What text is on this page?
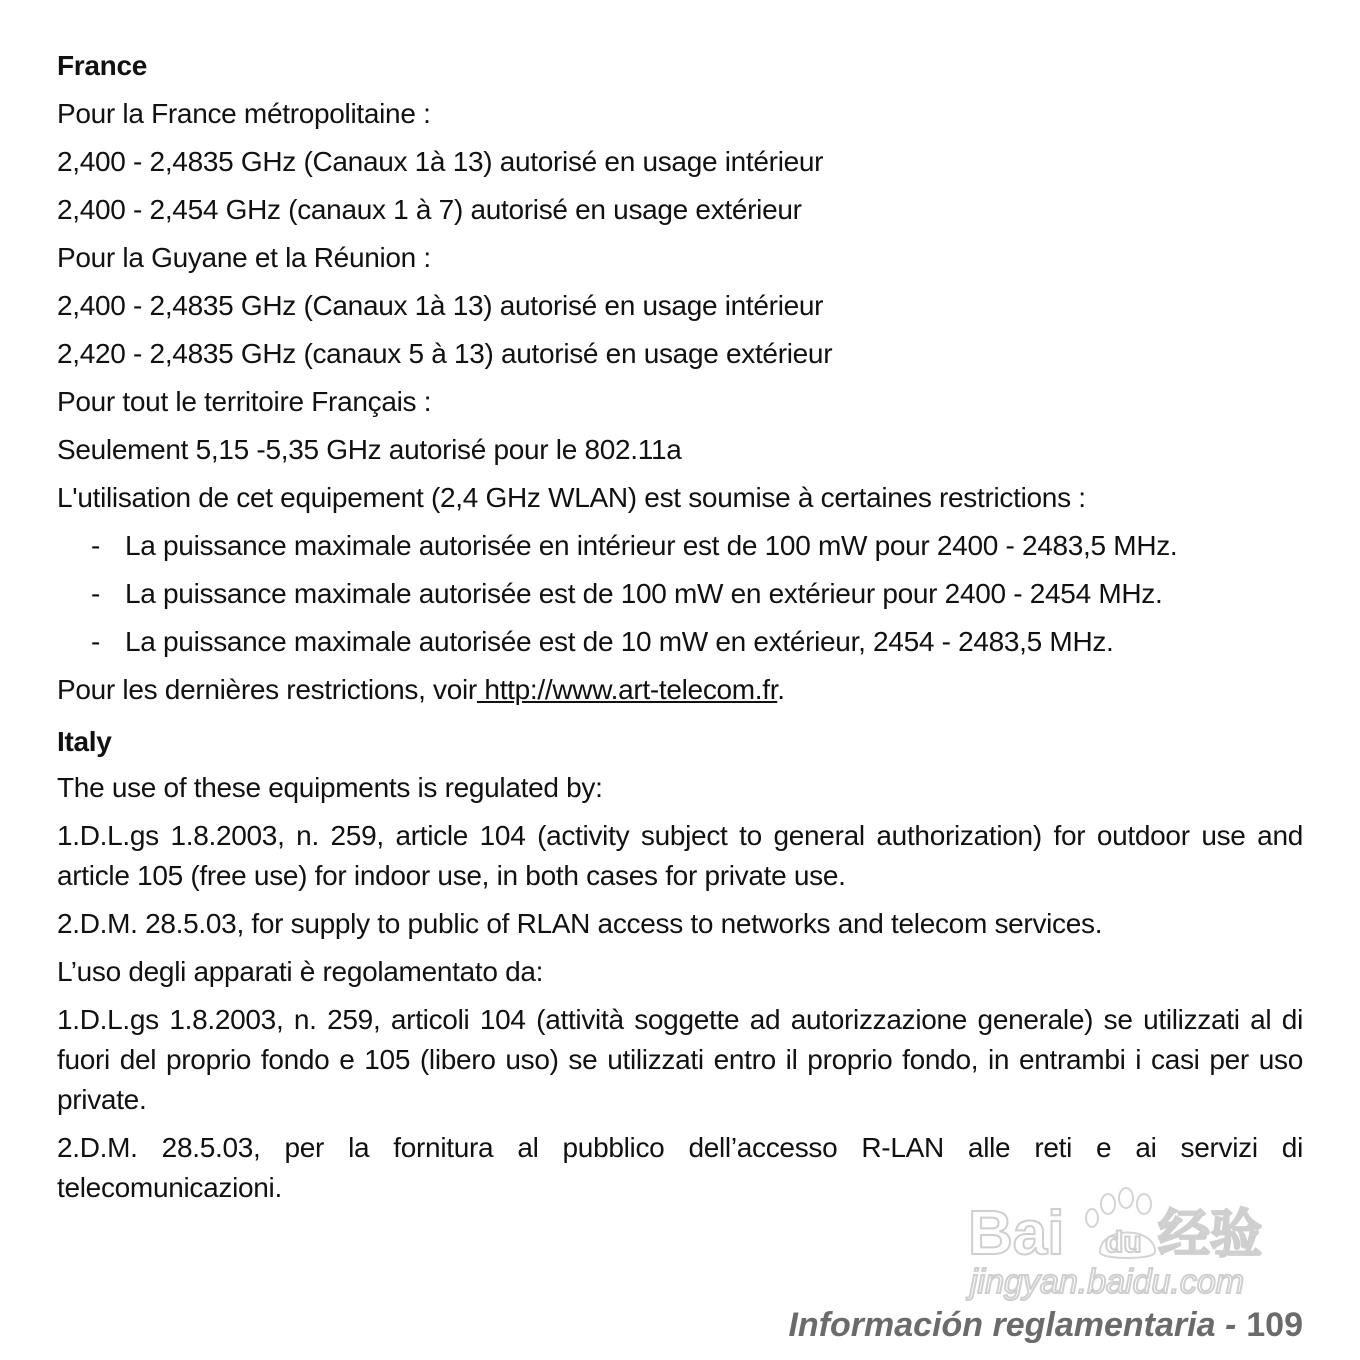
France
Pour la France métropolitaine :
2,400 - 2,4835 GHz (Canaux 1à 13) autorisé en usage intérieur
2,400 - 2,454 GHz (canaux 1 à 7) autorisé en usage extérieur
Pour la Guyane et la Réunion :
2,400 - 2,4835 GHz (Canaux 1à 13) autorisé en usage intérieur
2,420 - 2,4835 GHz (canaux 5 à 13) autorisé en usage extérieur
Pour tout le territoire Français :
Seulement 5,15 -5,35 GHz autorisé pour le 802.11a
L'utilisation de cet equipement (2,4 GHz WLAN) est soumise à certaines restrictions :
- La puissance maximale autorisée en intérieur est de 100 mW pour 2400 - 2483,5 MHz.
- La puissance maximale autorisée est de 100 mW en extérieur pour 2400 - 2454 MHz.
- La puissance maximale autorisée est de 10 mW en extérieur, 2454 - 2483,5 MHz.
Pour les dernières restrictions, voir http://www.art-telecom.fr.
Italy
The use of these equipments is regulated by:
1.D.L.gs 1.8.2003, n. 259, article 104 (activity subject to general authorization) for outdoor use and article 105 (free use) for indoor use, in both cases for private use.
2.D.M. 28.5.03, for supply to public of RLAN access to networks and telecom services.
L’uso degli apparati è regolamentato da:
1.D.L.gs 1.8.2003, n. 259, articoli 104 (attività soggette ad autorizzazione generale) se utilizzati al di fuori del proprio fondo e 105 (libero uso) se utilizzati entro il proprio fondo, in entrambi i casi per uso private.
2.D.M. 28.5.03, per la fornitura al pubblico dell’accesso R-LAN alle reti e ai servizi di telecomunicazioni.
Bai du 经验
jingyan.baidu.com
Información reglamentaria - 109
